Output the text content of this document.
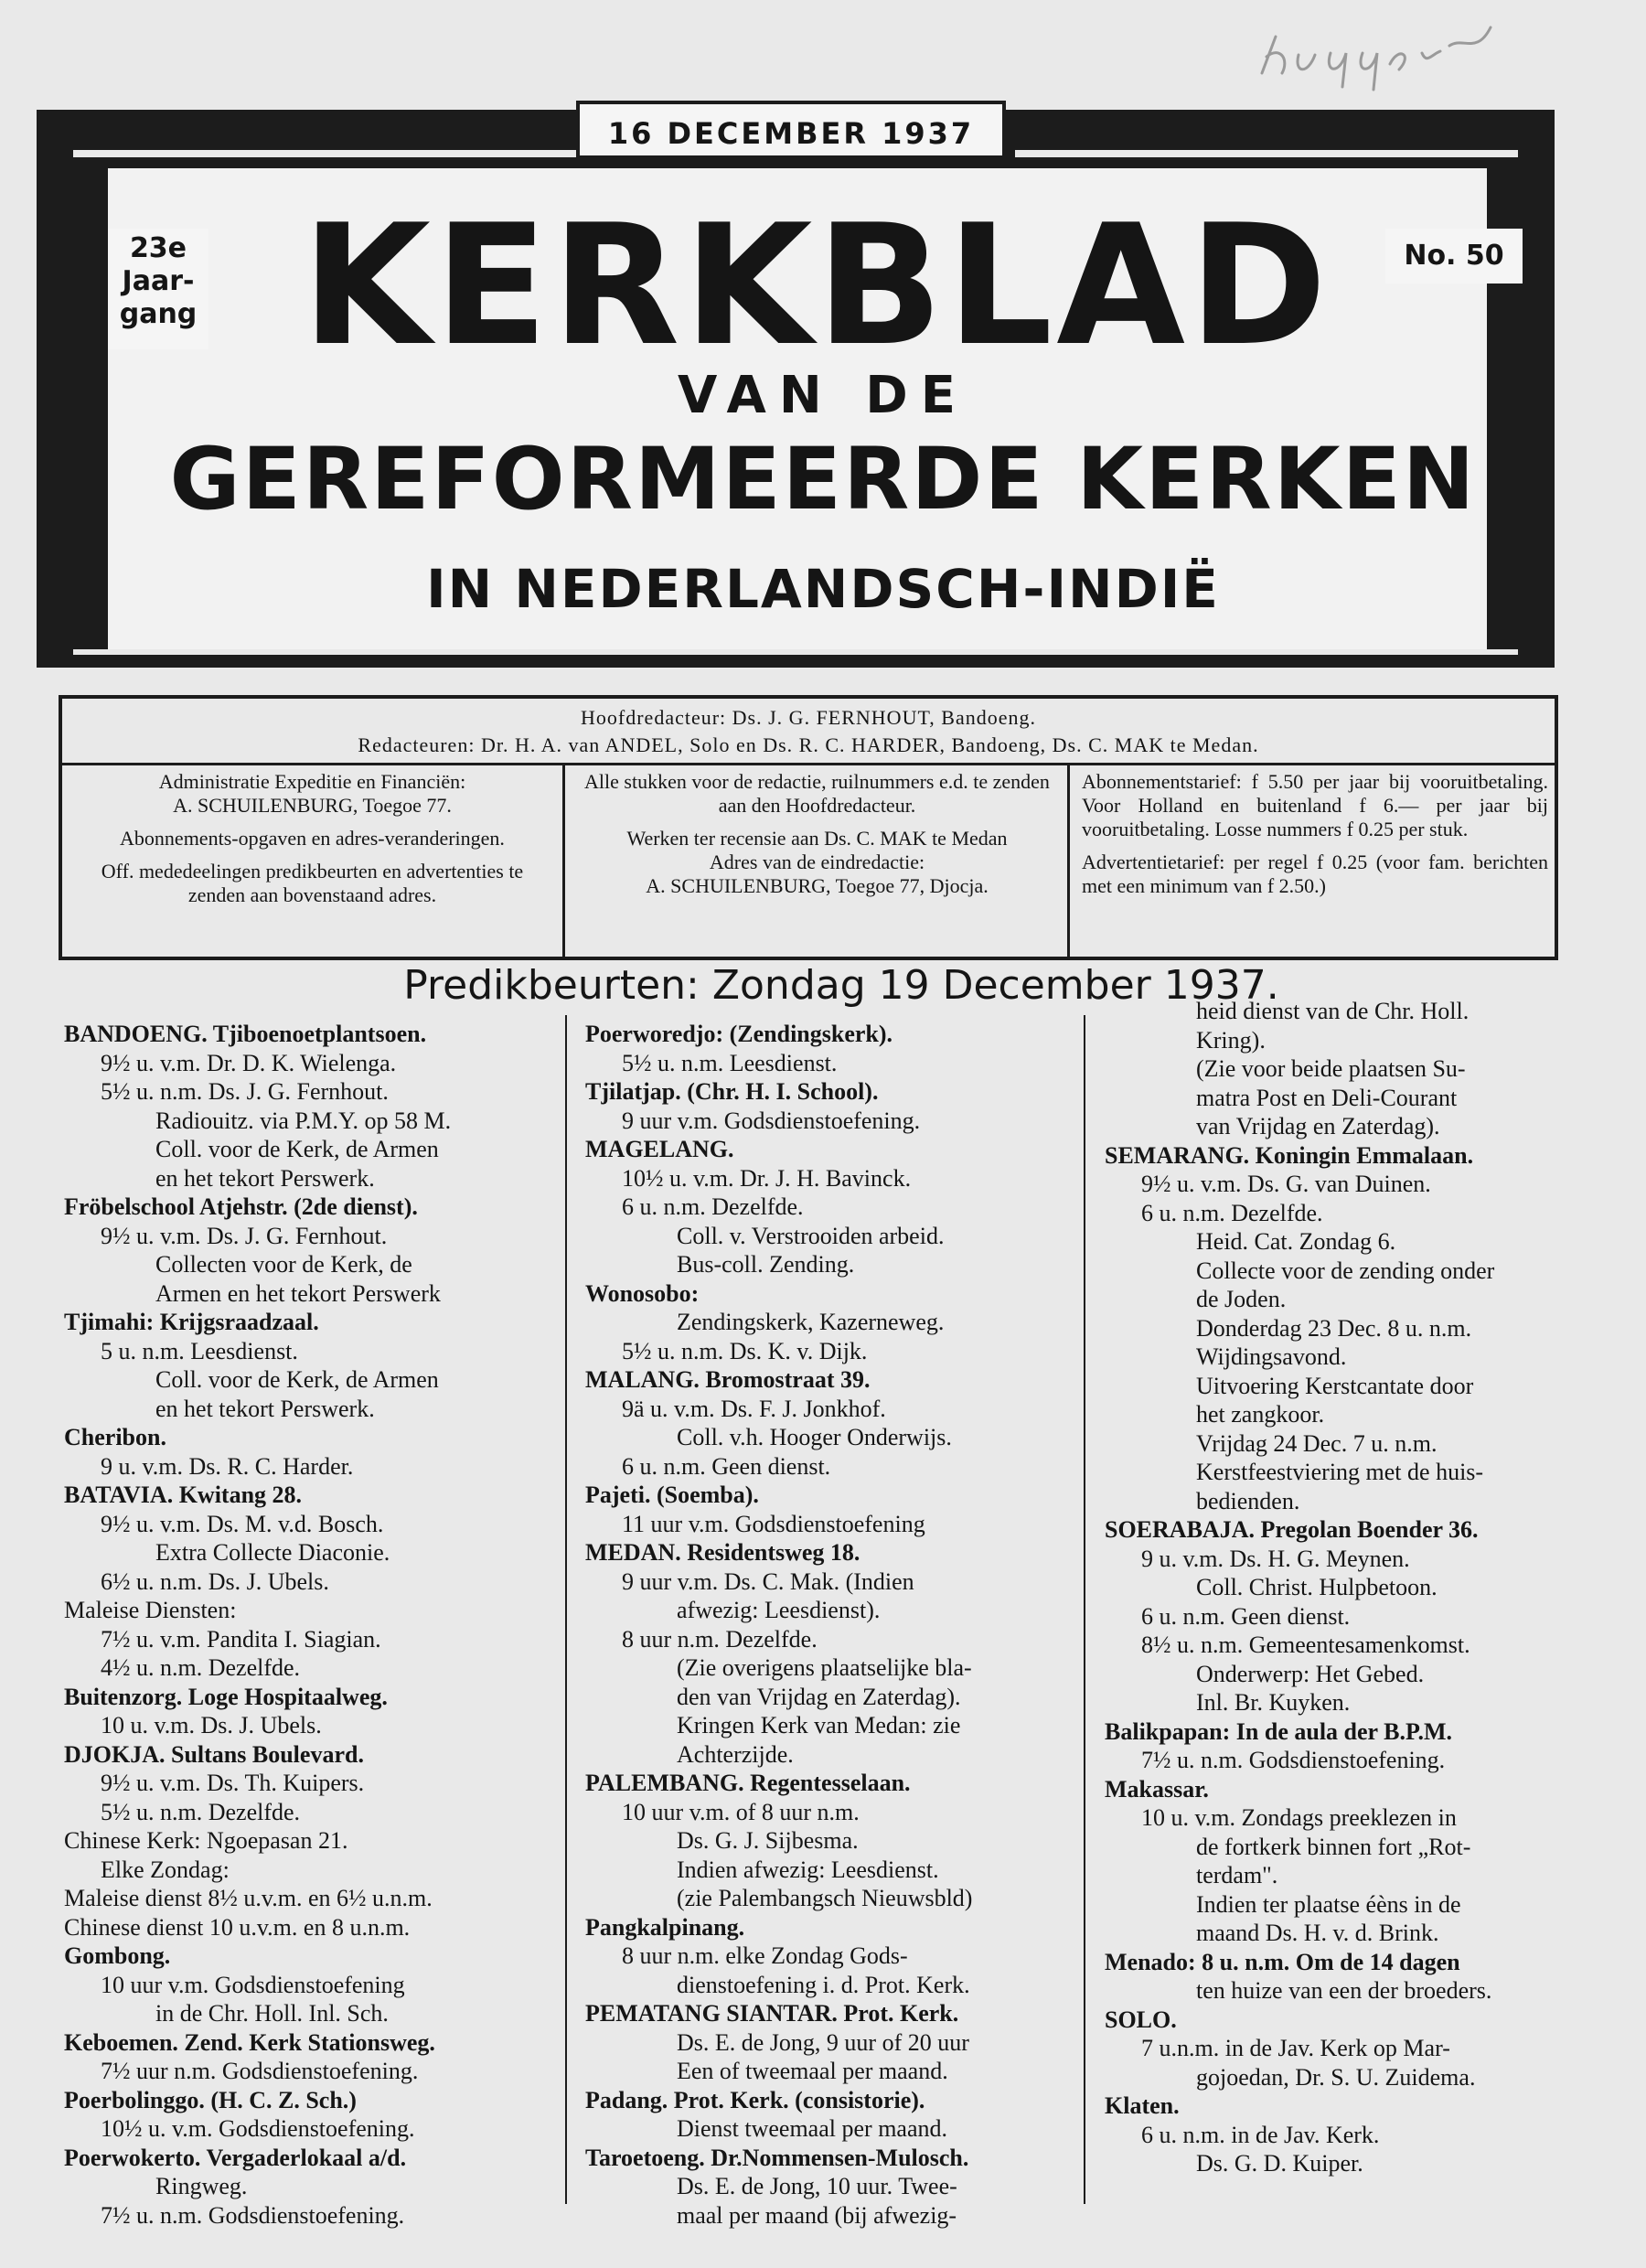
16 DECEMBER 1937
23e
Jaar-
gang
No. 50
KERKBLAD
VAN DE
GEREFORMEERDE KERKEN
IN NEDERLANDSCH-INDIË
Hoofdredacteur: Ds. J. G. FERNHOUT, Bandoeng.
Redacteuren: Dr. H. A. van ANDEL, Solo en Ds. R. C. HARDER, Bandoeng, Ds. C. MAK te Medan.
Administratie Expeditie en Financiën:
A. SCHUILENBURG, Toegoe 77.
Abonnements-opgaven en adres-veranderingen.
Off. mededeelingen predikbeurten en advertenties te zenden aan bovenstaand adres.
Alle stukken voor de redactie, ruilnummers e.d. te zenden aan den Hoofdredacteur.
Werken ter recensie aan Ds. C. MAK te Medan
Adres van de eindredactie:
A. SCHUILENBURG, Toegoe 77, Djocja.
Abonnementstarief: f 5.50 per jaar bij vooruitbetaling. Voor Holland en buitenland f 6.— per jaar bij vooruitbetaling. Losse nummers f 0.25 per stuk.
Advertentietarief: per regel f 0.25 (voor fam. berichten met een minimum van f 2.50.)
Predikbeurten: Zondag 19 December 1937.
BANDOENG. Tjiboenoetplantsoen.
9½ u. v.m. Dr. D. K. Wielenga.
5½ u. n.m. Ds. J. G. Fernhout.
Radiouitz. via P.M.Y. op 58 M.
Coll. voor de Kerk, de Armen
en het tekort Perswerk.
Fröbelschool Atjehstr. (2de dienst).
9½ u. v.m. Ds. J. G. Fernhout.
Collecten voor de Kerk, de
Armen en het tekort Perswerk
Tjimahi: Krijgsraadzaal.
5 u. n.m. Leesdienst.
Coll. voor de Kerk, de Armen
en het tekort Perswerk.
Cheribon.
9 u. v.m. Ds. R. C. Harder.
BATAVIA. Kwitang 28.
9½ u. v.m. Ds. M. v.d. Bosch.
Extra Collecte Diaconie.
6½ u. n.m. Ds. J. Ubels.
Maleise Diensten:
7½ u. v.m. Pandita I. Siagian.
4½ u. n.m. Dezelfde.
Buitenzorg. Loge Hospitaalweg.
10 u. v.m. Ds. J. Ubels.
DJOKJA. Sultans Boulevard.
9½ u. v.m. Ds. Th. Kuipers.
5½ u. n.m. Dezelfde.
Chinese Kerk: Ngoepasan 21.
Elke Zondag:
Maleise dienst 8½ u.v.m. en 6½ u.n.m.
Chinese dienst 10 u.v.m. en 8 u.n.m.
Gombong.
10 uur v.m. Godsdienstoefening
in de Chr. Holl. Inl. Sch.
Keboemen. Zend. Kerk Stationsweg.
7½ uur n.m. Godsdienstoefening.
Poerbolinggo. (H. C. Z. Sch.)
10½ u. v.m. Godsdienstoefening.
Poerwokerto. Vergaderlokaal a/d.
Ringweg.
7½ u. n.m. Godsdienstoefening.
Poerworedjo: (Zendingskerk).
5½ u. n.m. Leesdienst.
Tjilatjap. (Chr. H. I. School).
9 uur v.m. Godsdienstoefening.
MAGELANG.
10½ u. v.m. Dr. J. H. Bavinck.
6 u. n.m. Dezelfde.
Coll. v. Verstrooiden arbeid.
Bus-coll. Zending.
Wonosobo:
Zendingskerk, Kazerneweg.
5½ u. n.m. Ds. K. v. Dijk.
MALANG. Bromostraat 39.
9ä u. v.m. Ds. F. J. Jonkhof.
Coll. v.h. Hooger Onderwijs.
6 u. n.m. Geen dienst.
Pajeti. (Soemba).
11 uur v.m. Godsdienstoefening
MEDAN. Residentsweg 18.
9 uur v.m. Ds. C. Mak. (Indien
afwezig: Leesdienst).
8 uur n.m. Dezelfde.
(Zie overigens plaatselijke bla-
den van Vrijdag en Zaterdag).
Kringen Kerk van Medan: zie
Achterzijde.
PALEMBANG. Regentesselaan.
10 uur v.m. of 8 uur n.m.
Ds. G. J. Sijbesma.
Indien afwezig: Leesdienst.
(zie Palembangsch Nieuwsbld)
Pangkalpinang.
8 uur n.m. elke Zondag Gods-
dienstoefening i. d. Prot. Kerk.
PEMATANG SIANTAR. Prot. Kerk.
Ds. E. de Jong, 9 uur of 20 uur
Een of tweemaal per maand.
Padang. Prot. Kerk. (consistorie).
Dienst tweemaal per maand.
Taroetoeng. Dr.Nommensen-Mulosch.
Ds. E. de Jong, 10 uur. Twee-
maal per maand (bij afwezig-
heid dienst van de Chr. Holl.
Kring).
(Zie voor beide plaatsen Su-
matra Post en Deli-Courant
van Vrijdag en Zaterdag).
SEMARANG. Koningin Emmalaan.
9½ u. v.m. Ds. G. van Duinen.
6 u. n.m. Dezelfde.
Heid. Cat. Zondag 6.
Collecte voor de zending onder
de Joden.
Donderdag 23 Dec. 8 u. n.m.
Wijdingsavond.
Uitvoering Kerstcantate door
het zangkoor.
Vrijdag 24 Dec. 7 u. n.m.
Kerstfeestviering met de huis-
bedienden.
SOERABAJA. Pregolan Boender 36.
9 u. v.m. Ds. H. G. Meynen.
Coll. Christ. Hulpbetoon.
6 u. n.m. Geen dienst.
8½ u. n.m. Gemeentesamenkomst.
Onderwerp: Het Gebed.
Inl. Br. Kuyken.
Balikpapan: In de aula der B.P.M.
7½ u. n.m. Godsdienstoefening.
Makassar.
10 u. v.m. Zondags preeklezen in
de fortkerk binnen fort „Rot-
terdam".
Indien ter plaatse éèns in de
maand Ds. H. v. d. Brink.
Menado: 8 u. n.m. Om de 14 dagen
ten huize van een der broeders.
SOLO.
7 u.n.m. in de Jav. Kerk op Mar-
gojoedan, Dr. S. U. Zuidema.
Klaten.
6 u. n.m. in de Jav. Kerk.
Ds. G. D. Kuiper.
